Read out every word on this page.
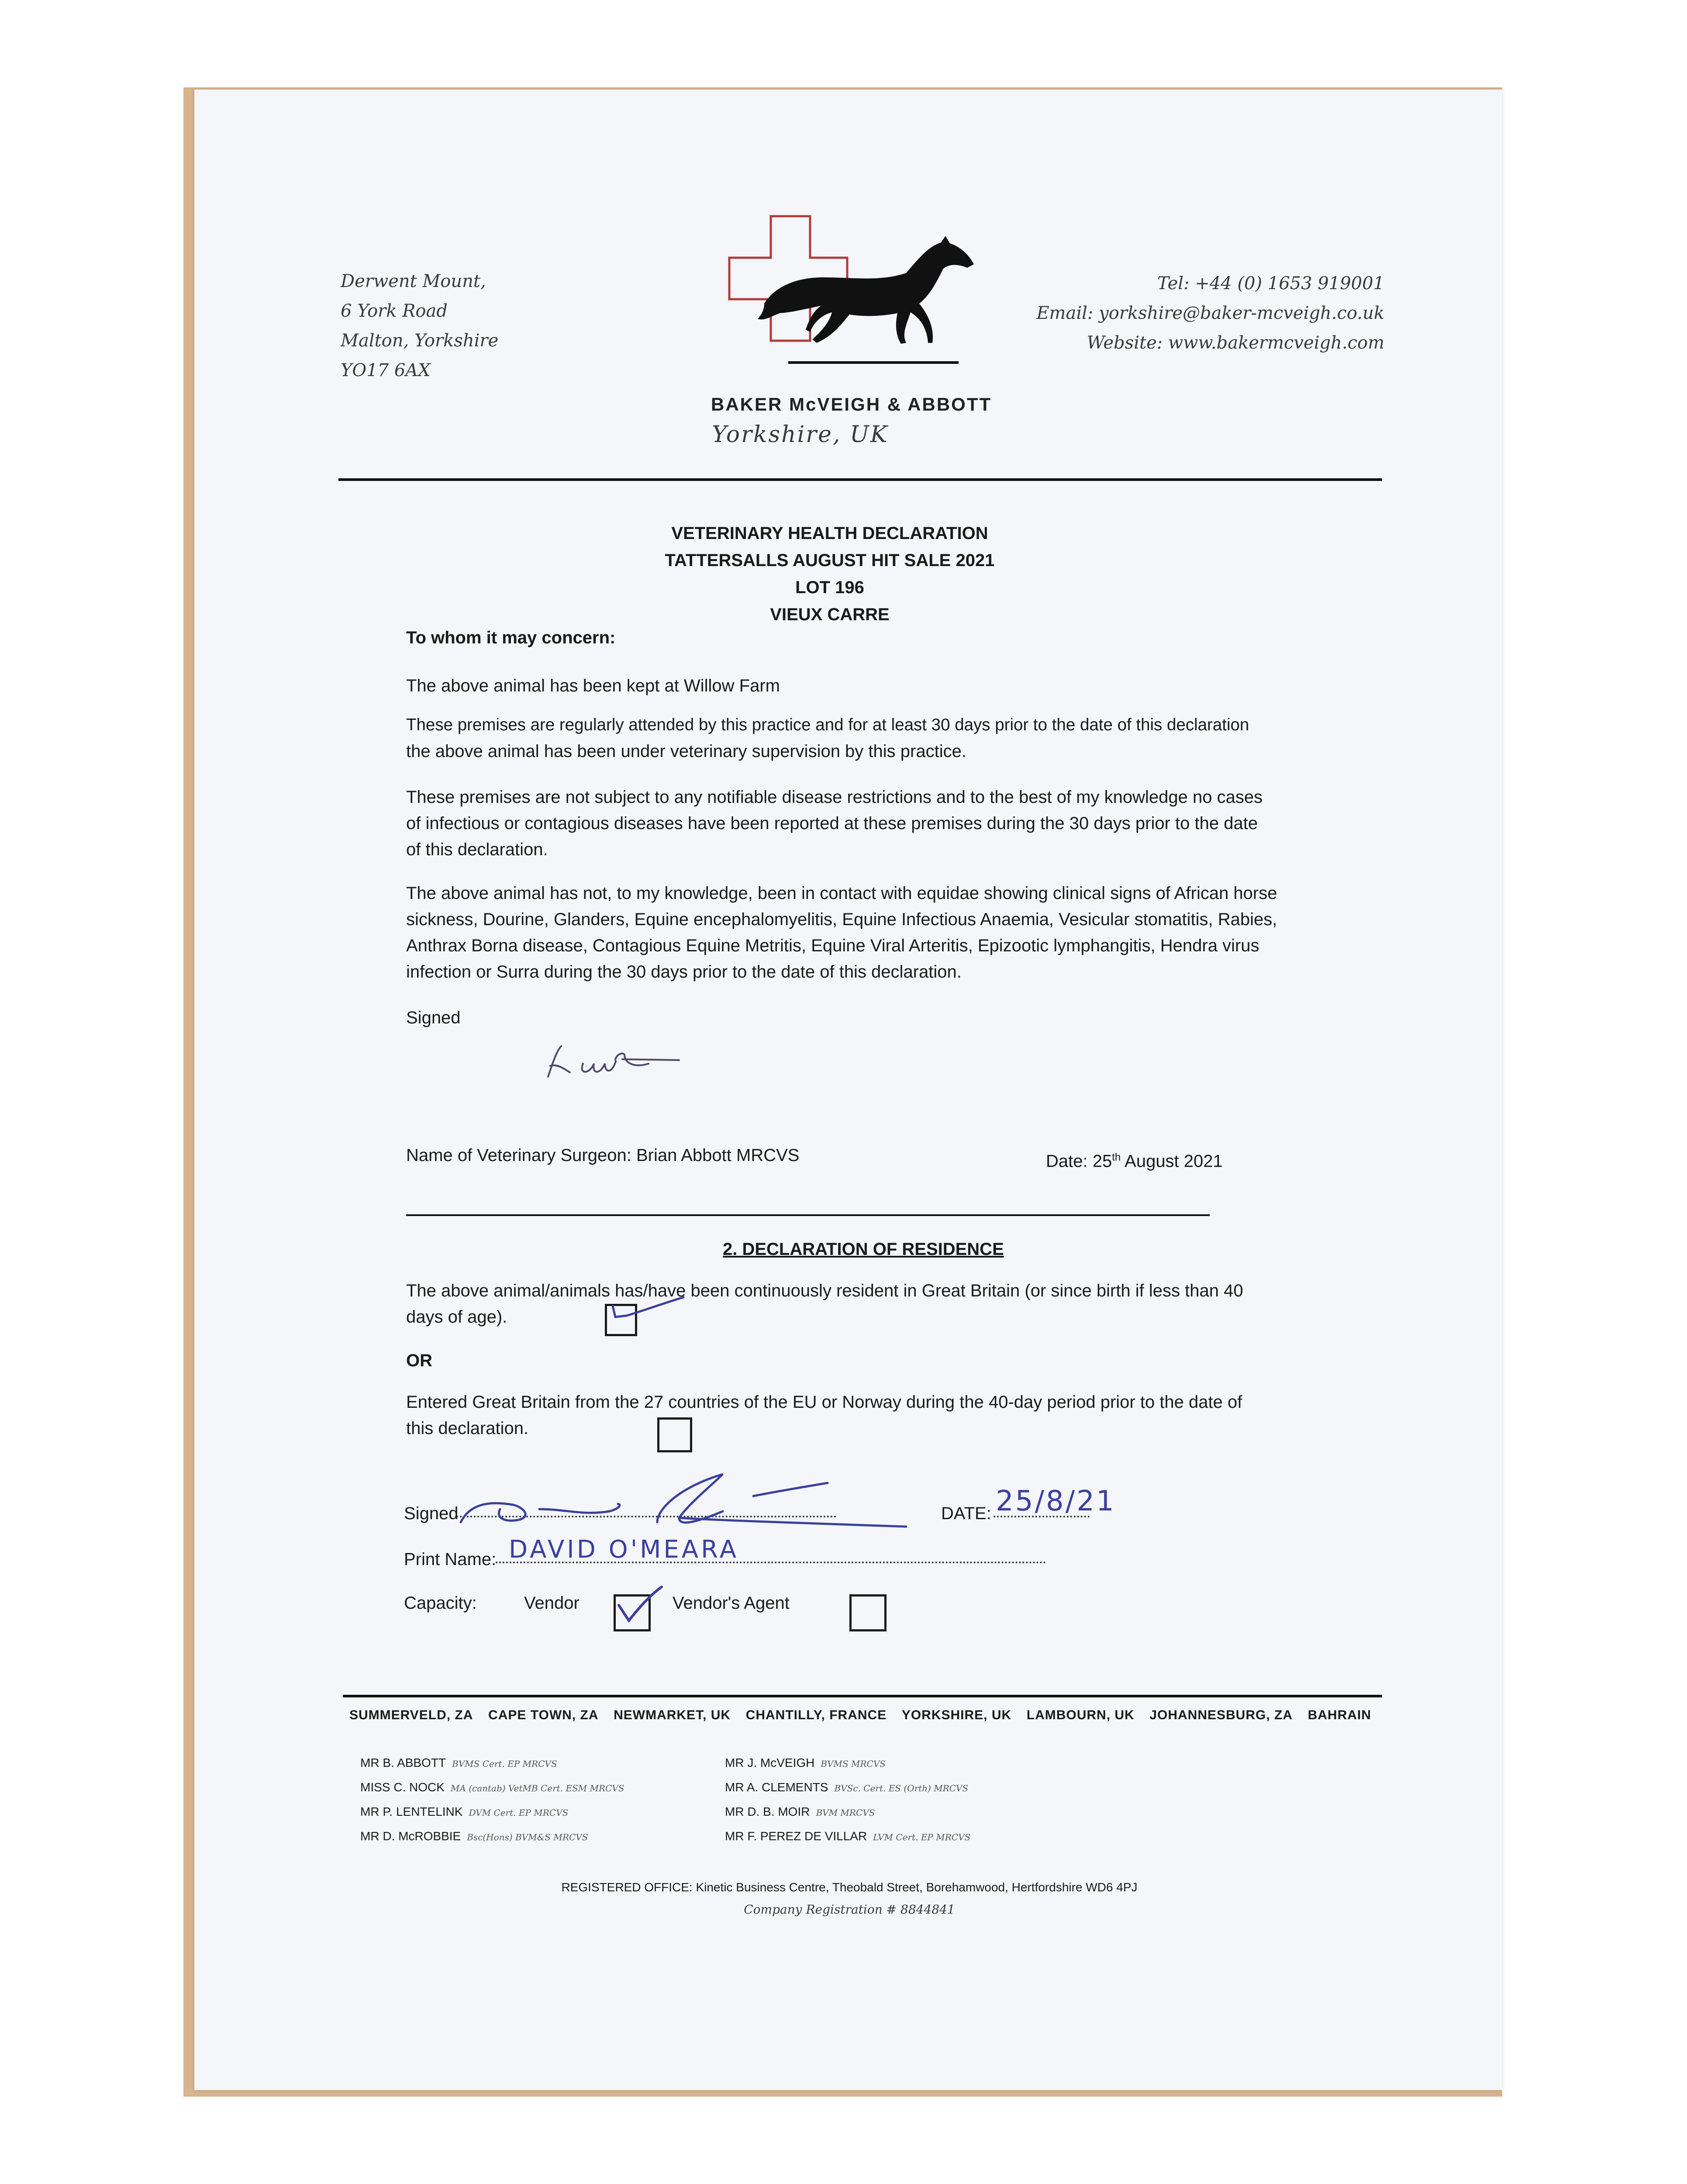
Derwent Mount,
6 York Road
Malton, Yorkshire
YO17 6AX
BAKER McVEIGH & ABBOTT
Yorkshire, UK
Tel: +44 (0) 1653 919001
Email: yorkshire@baker-mcveigh.co.uk
Website: www.bakermcveigh.com
VETERINARY HEALTH DECLARATION
TATTERSALLS AUGUST HIT SALE 2021
LOT 196
VIEUX CARRE
To whom it may concern:
The above animal has been kept at Willow Farm
These premises are regularly attended by this practice and for at least 30 days prior to the date of this declaration
the above animal has been under veterinary supervision by this practice.
These premises are not subject to any notifiable disease restrictions and to the best of my knowledge no cases
of infectious or contagious diseases have been reported at these premises during the 30 days prior to the date
of this declaration.
The above animal has not, to my knowledge, been in contact with equidae showing clinical signs of African horse
sickness, Dourine, Glanders, Equine encephalomyelitis, Equine Infectious Anaemia, Vesicular stomatitis, Rabies,
Anthrax Borna disease, Contagious Equine Metritis, Equine Viral Arteritis, Epizootic lymphangitis, Hendra virus
infection or Surra during the 30 days prior to the date of this declaration.
Signed
Name of Veterinary Surgeon: Brian Abbott MRCVS	Date: 25th August 2021
2. DECLARATION OF RESIDENCE
The above animal/animals has/have been continuously resident in Great Britain (or since birth if less than 40
days of age).
OR
Entered Great Britain from the 27 countries of the EU or Norway during the 40-day period prior to the date of
this declaration.
Signed	DATE: 25/8/21
Print Name: DAVID O'MEARA
Capacity:	Vendor	Vendor's Agent
SUMMERVELD, ZA CAPE TOWN, ZA NEWMARKET, UK CHANTILLY, FRANCE YORKSHIRE, UK LAMBOURN, UK JOHANNESBURG, ZA BAHRAIN
MR B. ABBOTT BVMS Cert. EP MRCVS
MISS C. NOCK MA (cantab) VetMB Cert. ESM MRCVS
MR P. LENTELINK DVM Cert. EP MRCVS
MR D. McROBBIE Bsc(Hons) BVM&S MRCVS
MR J. McVEIGH BVMS MRCVS
MR A. CLEMENTS BVSc. Cert. ES (Orth) MRCVS
MR D. B. MOIR BVM MRCVS
MR F. PEREZ DE VILLAR LVM Cert. EP MRCVS
REGISTERED OFFICE: Kinetic Business Centre, Theobald Street, Borehamwood, Hertfordshire WD6 4PJ
Company Registration # 8844841
